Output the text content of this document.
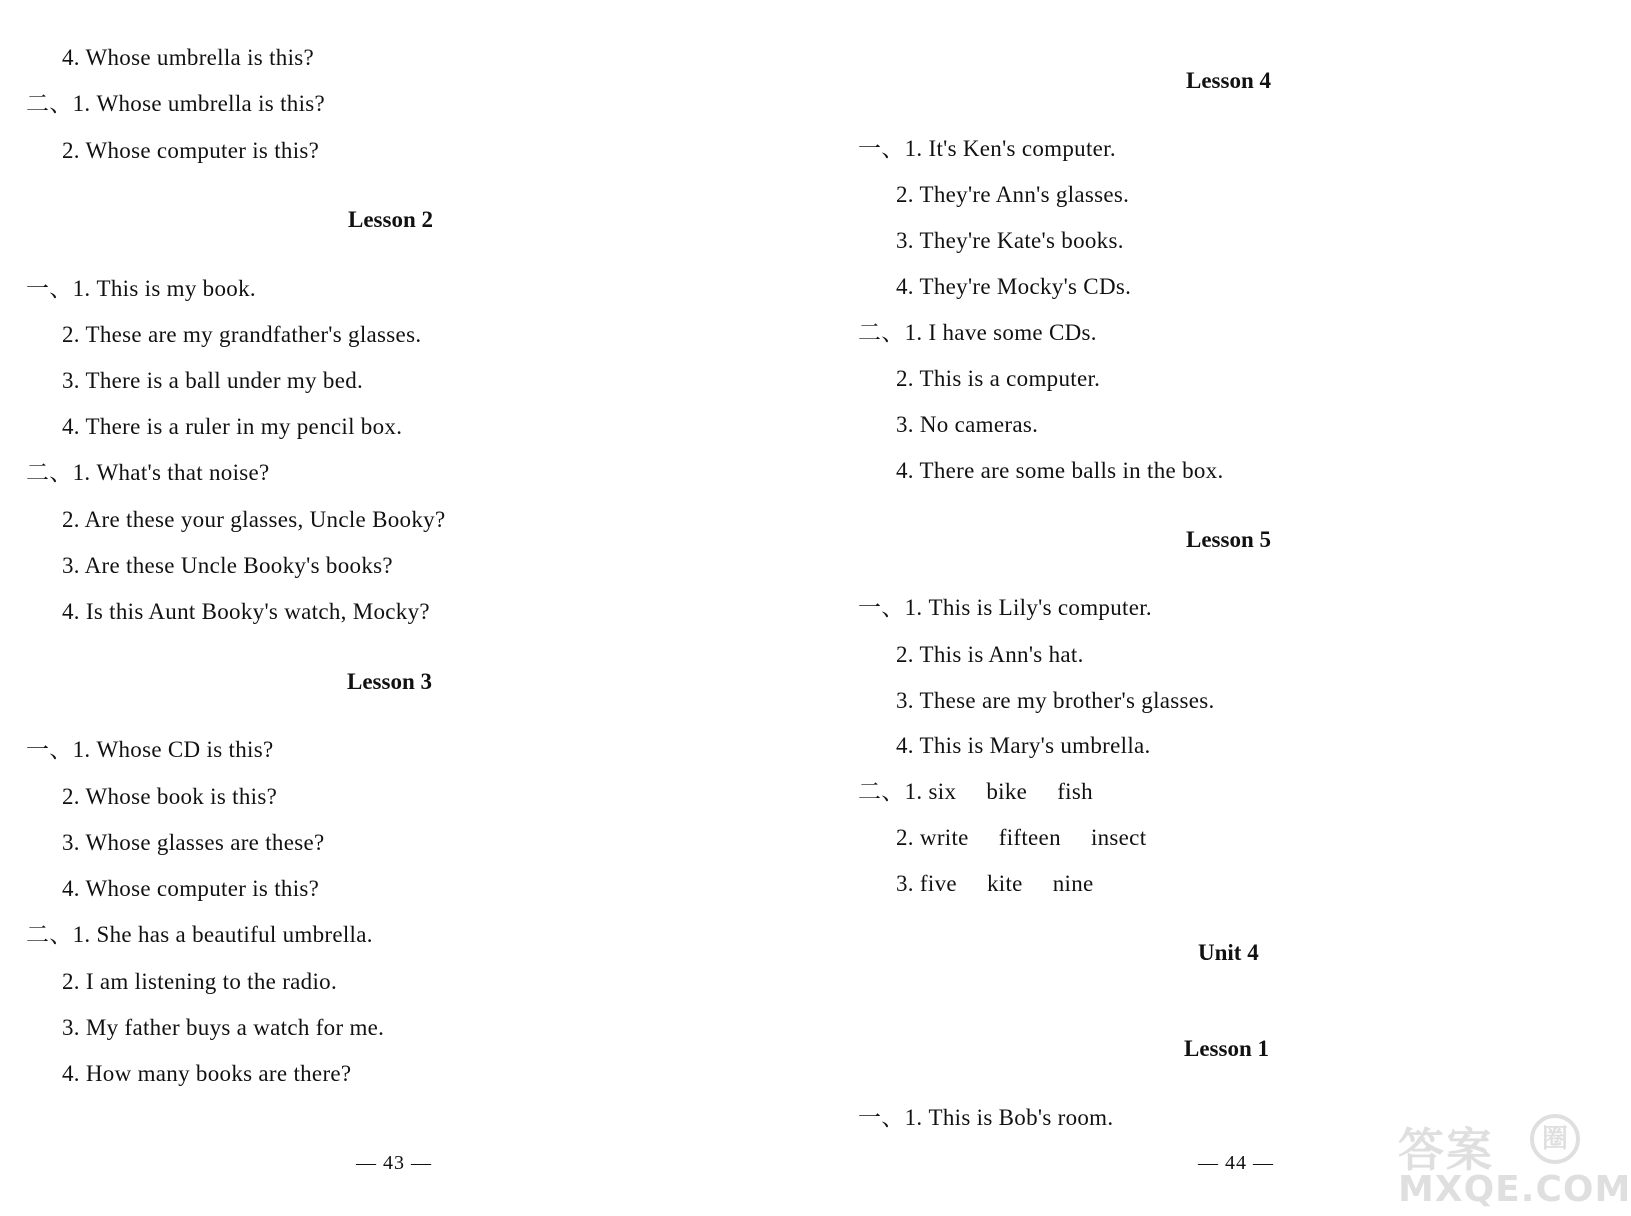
4. Whose umbrella is this?
二、1. Whose umbrella is this?
2. Whose computer is this?
Lesson 2
一、1. This is my book.
2. These are my grandfather's glasses.
3. There is a ball under my bed.
4. There is a ruler in my pencil box.
二、1. What's that noise?
2. Are these your glasses, Uncle Booky?
3. Are these Uncle Booky's books?
4. Is this Aunt Booky's watch, Mocky?
Lesson 3
一、1. Whose CD is this?
2. Whose book is this?
3. Whose glasses are these?
4. Whose computer is this?
二、1. She has a beautiful umbrella.
2. I am listening to the radio.
3. My father buys a watch for me.
4. How many books are there?
— 43 —
Lesson 4
一、1. It's Ken's computer.
2. They're Ann's glasses.
3. They're Kate's books.
4. They're Mocky's CDs.
二、1. I have some CDs.
2. This is a computer.
3. No cameras.
4. There are some balls in the box.
Lesson 5
一、1. This is Lily's computer.
2. This is Ann's hat.
3. These are my brother's glasses.
4. This is Mary's umbrella.
二、1. six bike fish
2. write fifteen insect
3. five kite nine
Unit 4
Lesson 1
一、1. This is Bob's room.
— 44 —	答案	圈
MXQE.COM
